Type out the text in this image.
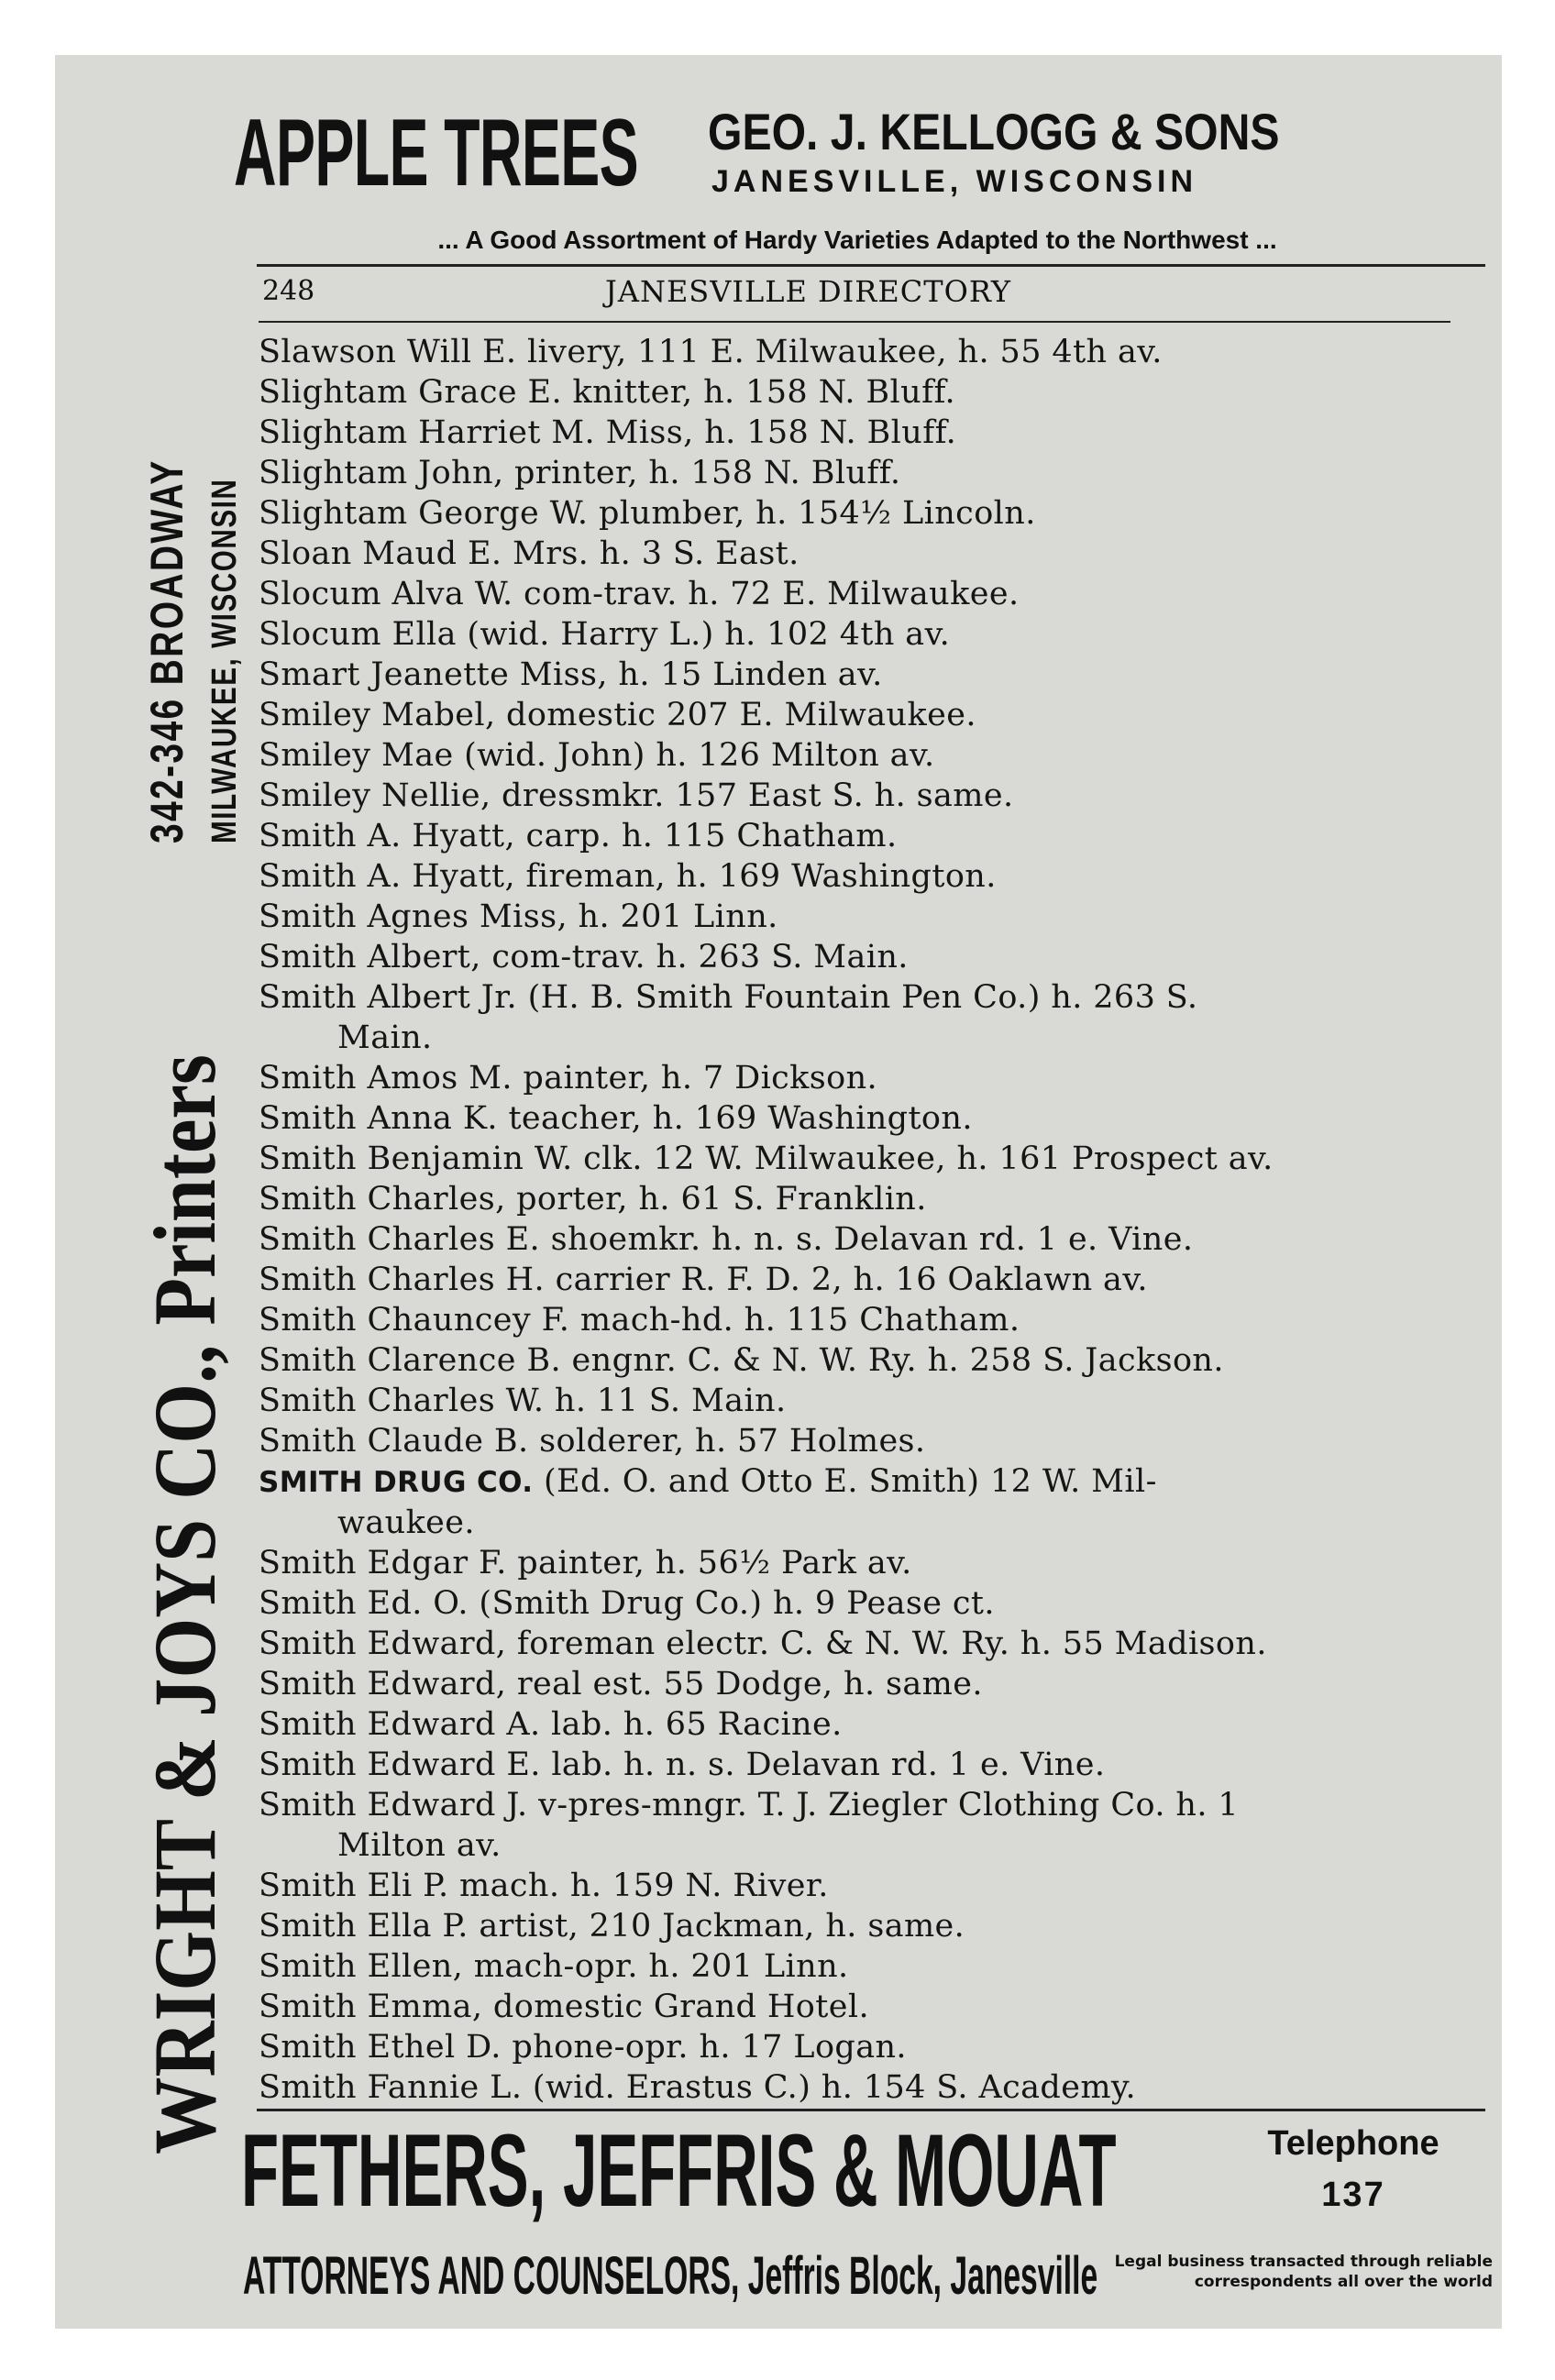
APPLE TREES GEO. J. KELLOGG & SONS
JANESVILLE, WISCONSIN
... A Good Assortment of Hardy Varieties Adapted to the Northwest ...
248	JANESVILLE DIRECTORY
Slawson Will E. livery, 111 E. Milwaukee, h. 55 4th av.
Slightam Grace E. knitter, h. 158 N. Bluff.
Slightam Harriet M. Miss, h. 158 N. Bluff.
Slightam John, printer, h. 158 N. Bluff.
Slightam George W. plumber, h. 154½ Lincoln.
Sloan Maud E. Mrs. h. 3 S. East.
Slocum Alva W. com-trav. h. 72 E. Milwaukee.
Slocum Ella (wid. Harry L.) h. 102 4th av.
Smart Jeanette Miss, h. 15 Linden av.
Smiley Mabel, domestic 207 E. Milwaukee.
Smiley Mae (wid. John) h. 126 Milton av.
Smiley Nellie, dressmkr. 157 East S. h. same.
Smith A. Hyatt, carp. h. 115 Chatham.
Smith A. Hyatt, fireman, h. 169 Washington.
Smith Agnes Miss, h. 201 Linn.
Smith Albert, com-trav. h. 263 S. Main.
Smith Albert Jr. (H. B. Smith Fountain Pen Co.) h. 263 S.
Main.
Smith Amos M. painter, h. 7 Dickson.
Smith Anna K. teacher, h. 169 Washington.
Smith Benjamin W. clk. 12 W. Milwaukee, h. 161 Prospect av.
Smith Charles, porter, h. 61 S. Franklin.
Smith Charles E. shoemkr. h. n. s. Delavan rd. 1 e. Vine.
Smith Charles H. carrier R. F. D. 2, h. 16 Oaklawn av.
Smith Chauncey F. mach-hd. h. 115 Chatham.
Smith Clarence B. engnr. C. & N. W. Ry. h. 258 S. Jackson.
Smith Charles W. h. 11 S. Main.
Smith Claude B. solderer, h. 57 Holmes.
SMITH DRUG CO. (Ed. O. and Otto E. Smith) 12 W. Mil-
waukee.
Smith Edgar F. painter, h. 56½ Park av.
Smith Ed. O. (Smith Drug Co.) h. 9 Pease ct.
Smith Edward, foreman electr. C. & N. W. Ry. h. 55 Madison.
Smith Edward, real est. 55 Dodge, h. same.
Smith Edward A. lab. h. 65 Racine.
Smith Edward E. lab. h. n. s. Delavan rd. 1 e. Vine.
Smith Edward J. v-pres-mngr. T. J. Ziegler Clothing Co. h. 1
Milton av.
Smith Eli P. mach. h. 159 N. River.
Smith Ella P. artist, 210 Jackman, h. same.
Smith Ellen, mach-opr. h. 201 Linn.
Smith Emma, domestic Grand Hotel.
Smith Ethel D. phone-opr. h. 17 Logan.
Smith Fannie L. (wid. Erastus C.) h. 154 S. Academy.
WRIGHT & JOYS CO., Printers
342-346 BROADWAY MILWAUKEE, WISCONSIN
FETHERS, JEFFRIS & MOUAT	Telephone
137
ATTORNEYS AND COUNSELORS, Jeffris Block, Janesville	Legal business transacted through reliable correspondents all over the world
